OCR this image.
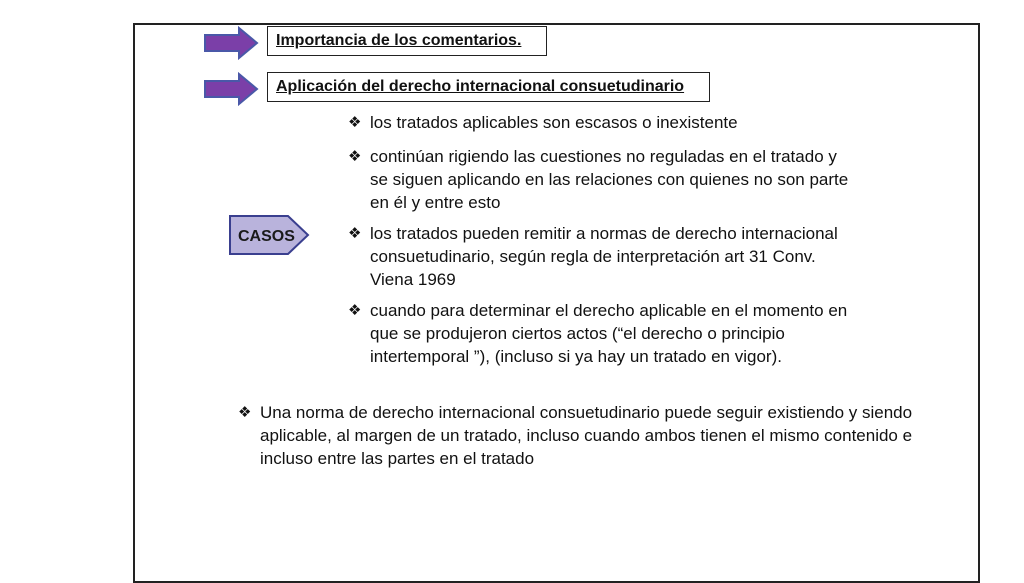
Importancia de los comentarios.
Aplicación del derecho internacional consuetudinario
CASOS
❖ los tratados aplicables son escasos o inexistente
❖ continúan rigiendo las cuestiones no reguladas en el tratado y se siguen aplicando en las relaciones con quienes no son parte en él y entre esto
❖ los tratados pueden remitir a normas de derecho internacional consuetudinario, según regla de interpretación art 31 Conv. Viena 1969
❖ cuando para determinar el derecho aplicable en el momento en que se produjeron ciertos actos (“el derecho o principio intertemporal ”), (incluso si ya hay un tratado en vigor).
❖ Una norma de derecho internacional consuetudinario puede seguir existiendo y siendo aplicable, al margen de un tratado, incluso cuando ambos tienen el mismo contenido e incluso entre las partes en el tratado
